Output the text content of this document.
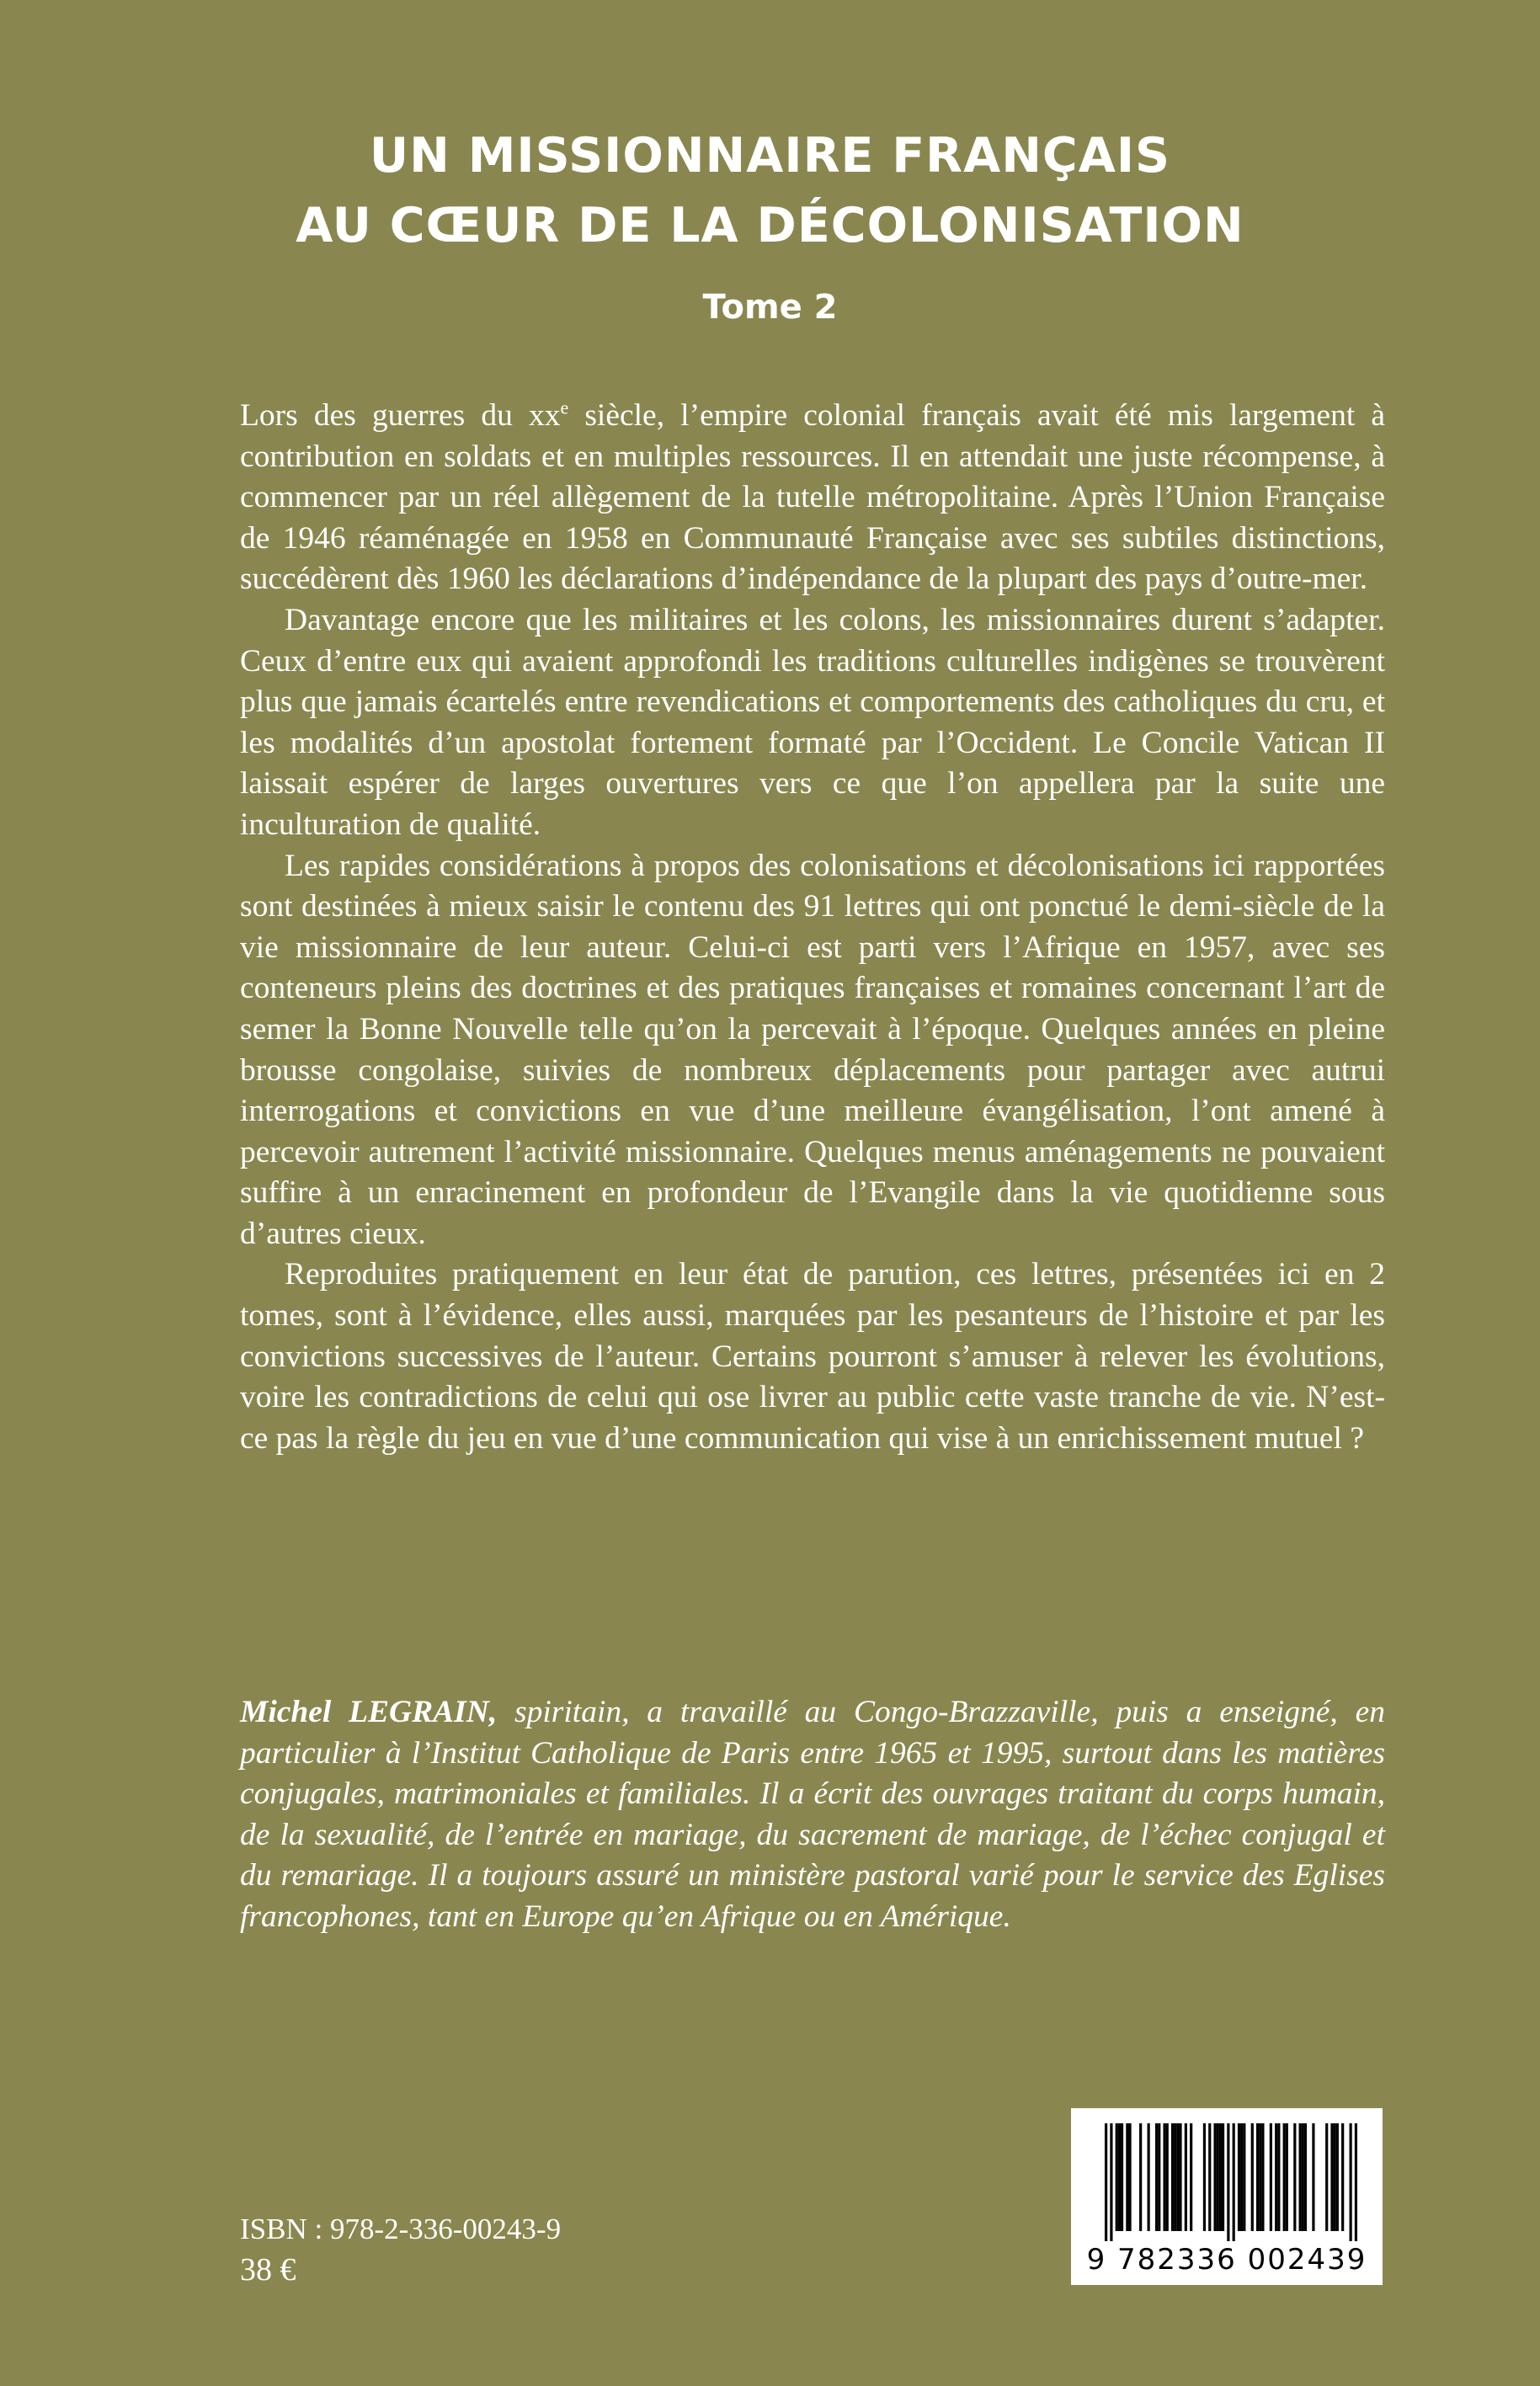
UN MISSIONNAIRE FRANÇAIS
AU CŒUR DE LA DÉCOLONISATION
Tome 2

Lors des guerres du $xx^e$ siècle, l’empire colonial français avait été mis largement à contribution en soldats et en multiples ressources. Il en attendait une juste récompense, à commencer par un réel allègement de la tutelle métropolitaine. Après l’Union Française de 1946 réaménagée en 1958 en Communauté Française avec ses subtiles distinctions, succédèrent dès 1960 les déclarations d’indépendance de la plupart des pays d’outre-mer.

Davantage encore que les militaires et les colons, les missionnaires durent s’adapter. Ceux d’entre eux qui avaient approfondi les traditions culturelles indigènes se trouvèrent plus que jamais écartelés entre revendications et comportements des catholiques du cru, et les modalités d’un apostolat fortement formaté par l’Occident. Le Concile Vatican II laissait espérer de larges ouvertures vers ce que l’on appellera par la suite une inculturation de qualité.

Les rapides considérations à propos des colonisations et décolonisations ici rapportées sont destinées à mieux saisir le contenu des 91 lettres qui ont ponctué le demi-siècle de la vie missionnaire de leur auteur. Celui-ci est parti vers l’Afrique en 1957, avec ses conteneurs pleins des doctrines et des pratiques françaises et romaines concernant l’art de semer la Bonne Nouvelle telle qu’on la percevait à l’époque. Quelques années en pleine brousse congolaise, suivies de nombreux déplacements pour partager avec autrui interrogations et convictions en vue d’une meilleure évangélisation, l’ont amené à percevoir autrement l’activité missionnaire. Quelques menus aménagements ne pouvaient suffire à un enracinement en profondeur de l’Evangile dans la vie quotidienne sous d’autres cieux.

Reproduites pratiquement en leur état de parution, ces lettres, présentées ici en 2 tomes, sont à l’évidence, elles aussi, marquées par les pesanteurs de l’histoire et par les convictions successives de l’auteur. Certains pourront s’amuser à relever les évolutions, voire les contradictions de celui qui ose livrer au public cette vaste tranche de vie. N’est-ce pas la règle du jeu en vue d’une communication qui vise à un enrichissement mutuel ?

Michel LEGRAIN, spiritain, a travaillé au Congo-Brazzaville, puis a enseigné, en particulier à l’Institut Catholique de Paris entre 1965 et 1995, surtout dans les matières conjugales, matrimoniales et familiales. Il a écrit des ouvrages traitant du corps humain, de la sexualité, de l’entrée en mariage, du sacrement de mariage, de l’échec conjugal et du remariage. Il a toujours assuré un ministère pastoral varié pour le service des Eglises francophones, tant en Europe qu’en Afrique ou en Amérique.

ISBN : 978-2-336-00243-9

38 €	9 782336 002439
